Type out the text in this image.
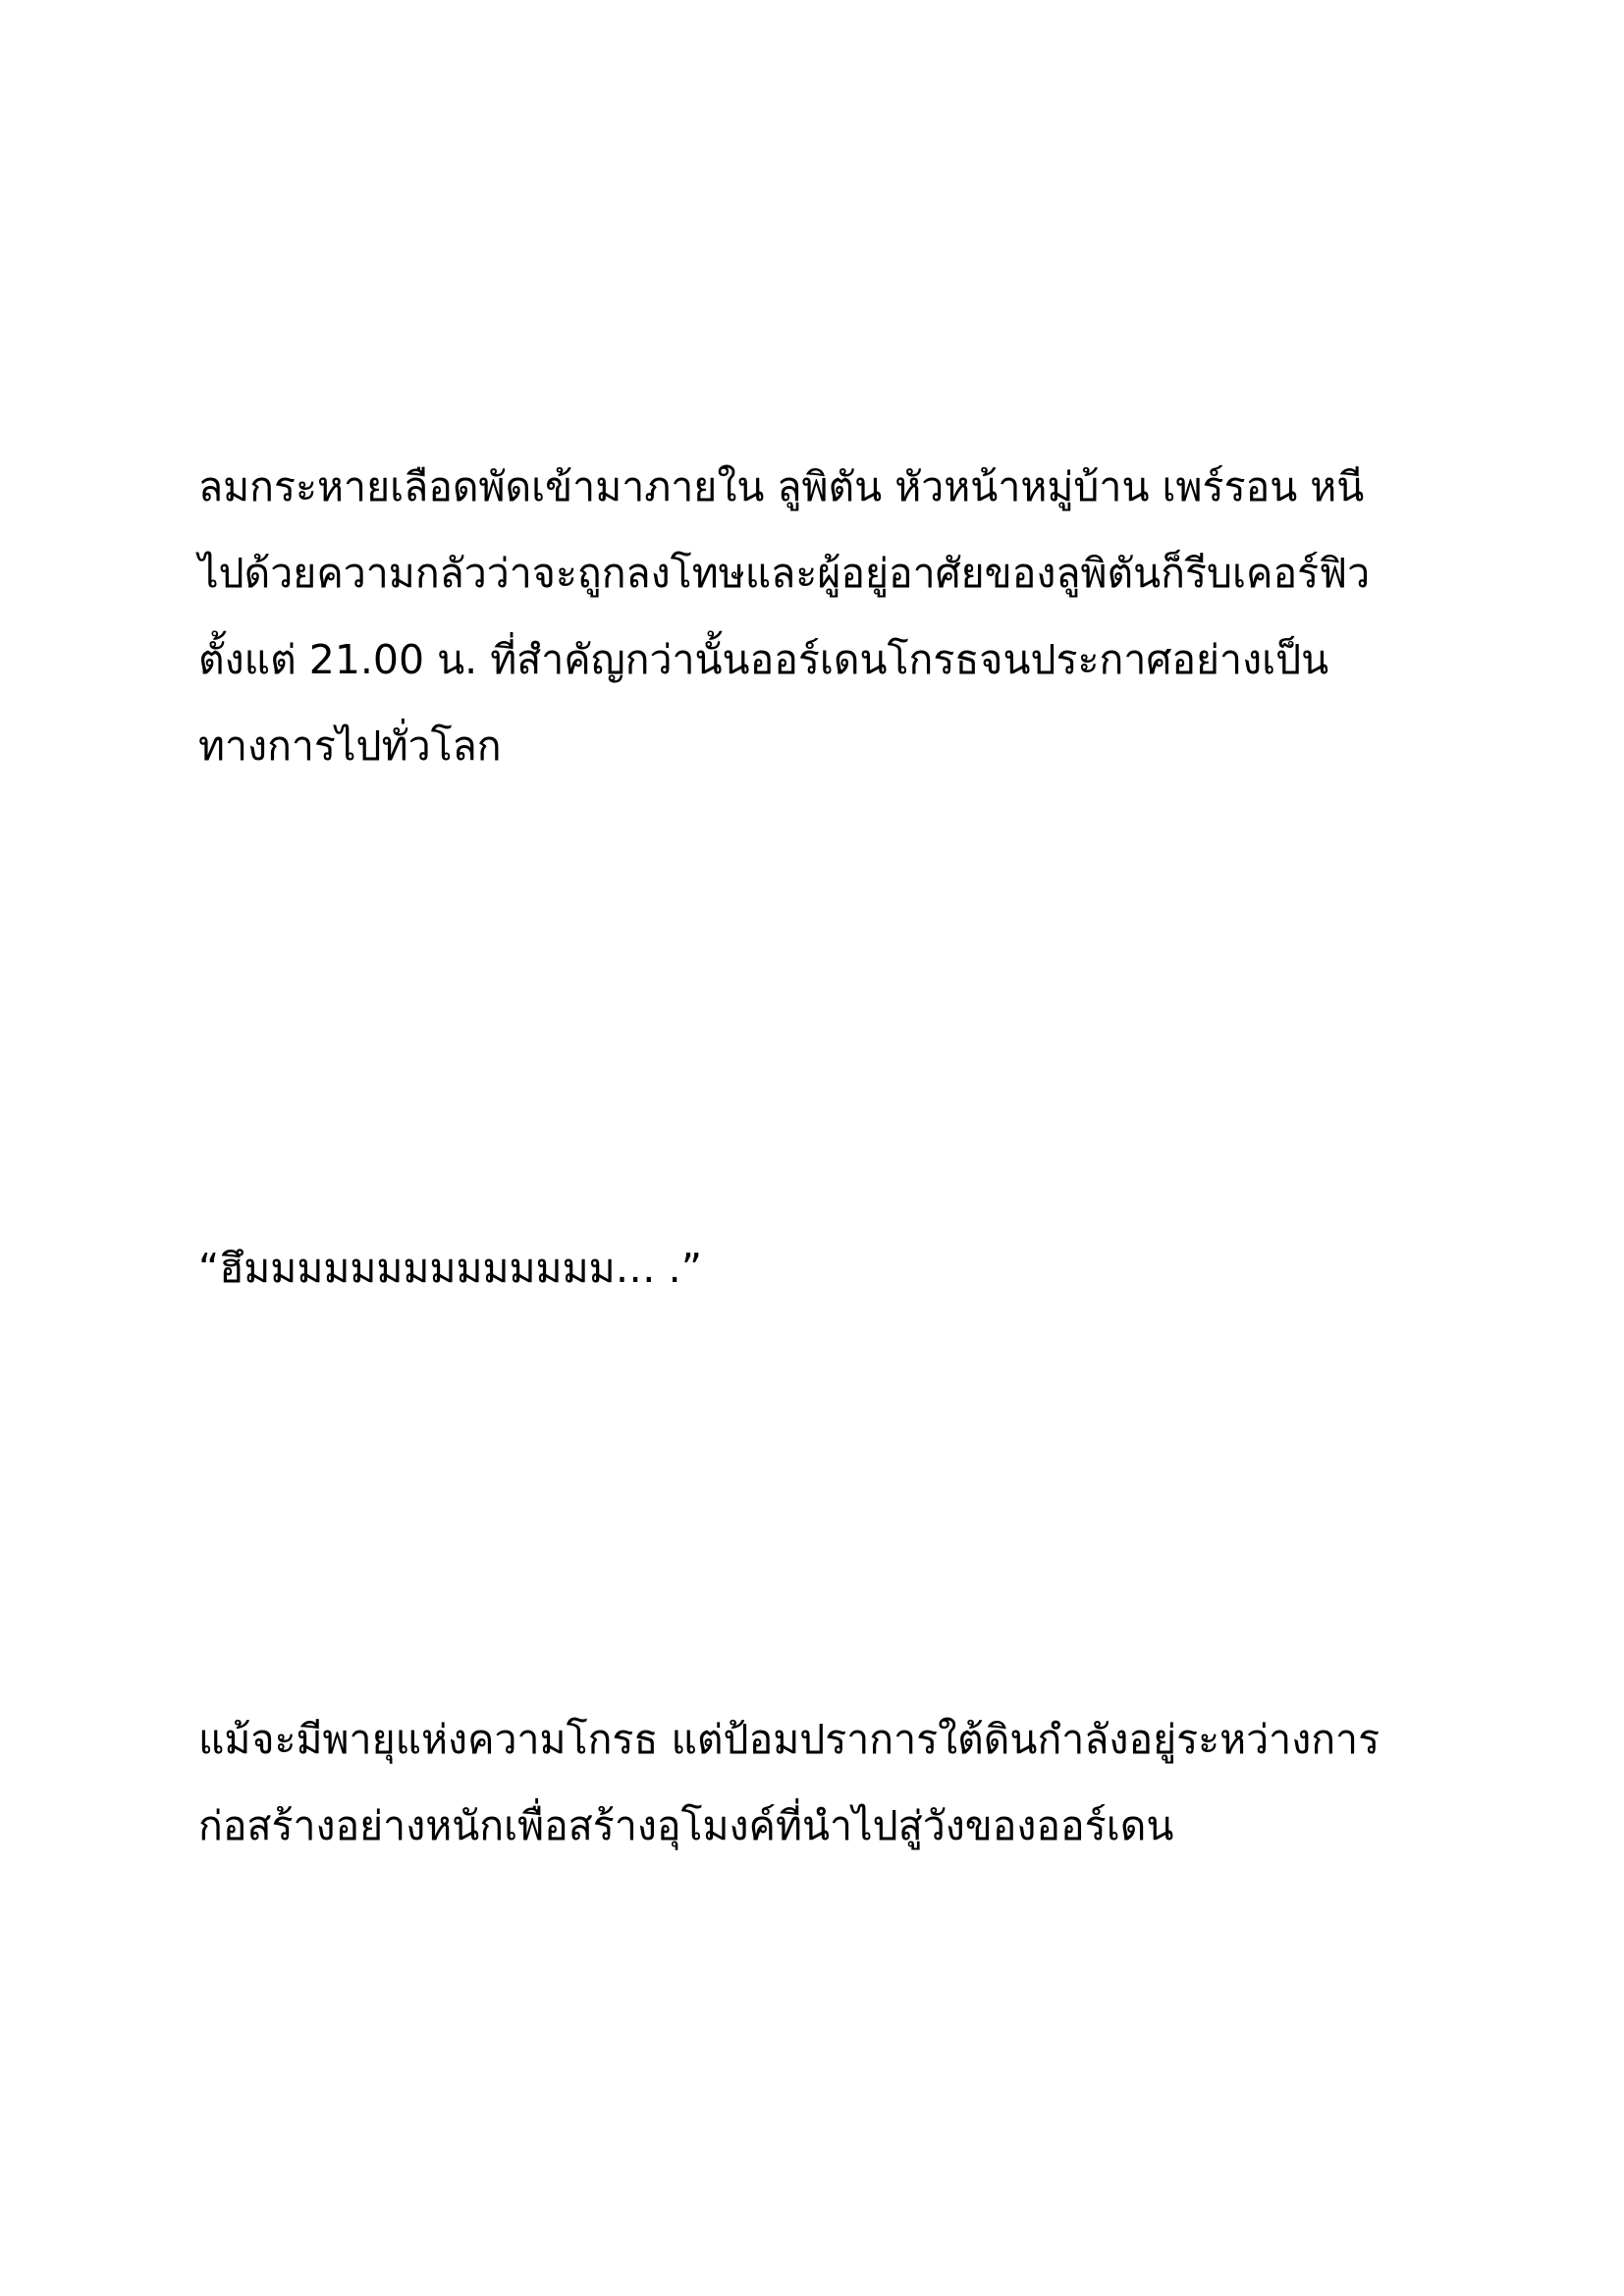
ลมกระหายเลือดพัดเข้ามาภายใน ลูพิตัน หัวหน้าหมู่บ้าน เพร์รอน หนี
ไปด้วยความกลัวว่าจะถูกลงโทษและผู้อยู่อาศัยของลูพิตันก็รีบเคอร์ฟิว
ตั้งแต่ 21.00 น. ที่สำคัญกว่านั้นออร์เดนโกรธจนประกาศอย่างเป็น
ทางการไปทั่วโลก

“ฮึมมมมมมมมมมมมมม… .”

แม้จะมีพายุแห่งความโกรธ แต่ป้อมปราการใต้ดินกำลังอยู่ระหว่างการ
ก่อสร้างอย่างหนักเพื่อสร้างอุโมงค์ที่นำไปสู่วังของออร์เดน
